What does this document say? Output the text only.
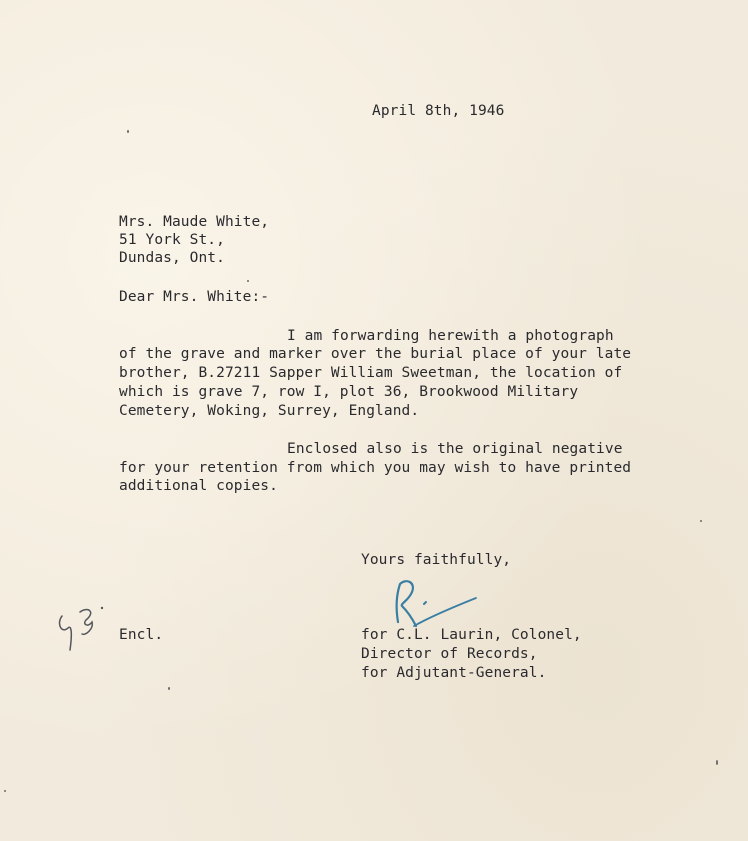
April 8th, 1946
Mrs. Maude White,
51 York St.,
Dundas, Ont.
Dear Mrs. White:-
I am forwarding herewith a photograph
of the grave and marker over the burial place of your late
brother, B.27211 Sapper William Sweetman, the location of
which is grave 7, row I, plot 36, Brookwood Military
Cemetery, Woking, Surrey, England.
Enclosed also is the original negative
for your retention from which you may wish to have printed
additional copies.
Yours faithfully,
Encl.	for C.L. Laurin, Colonel,
Director of Records,
for Adjutant-General.
